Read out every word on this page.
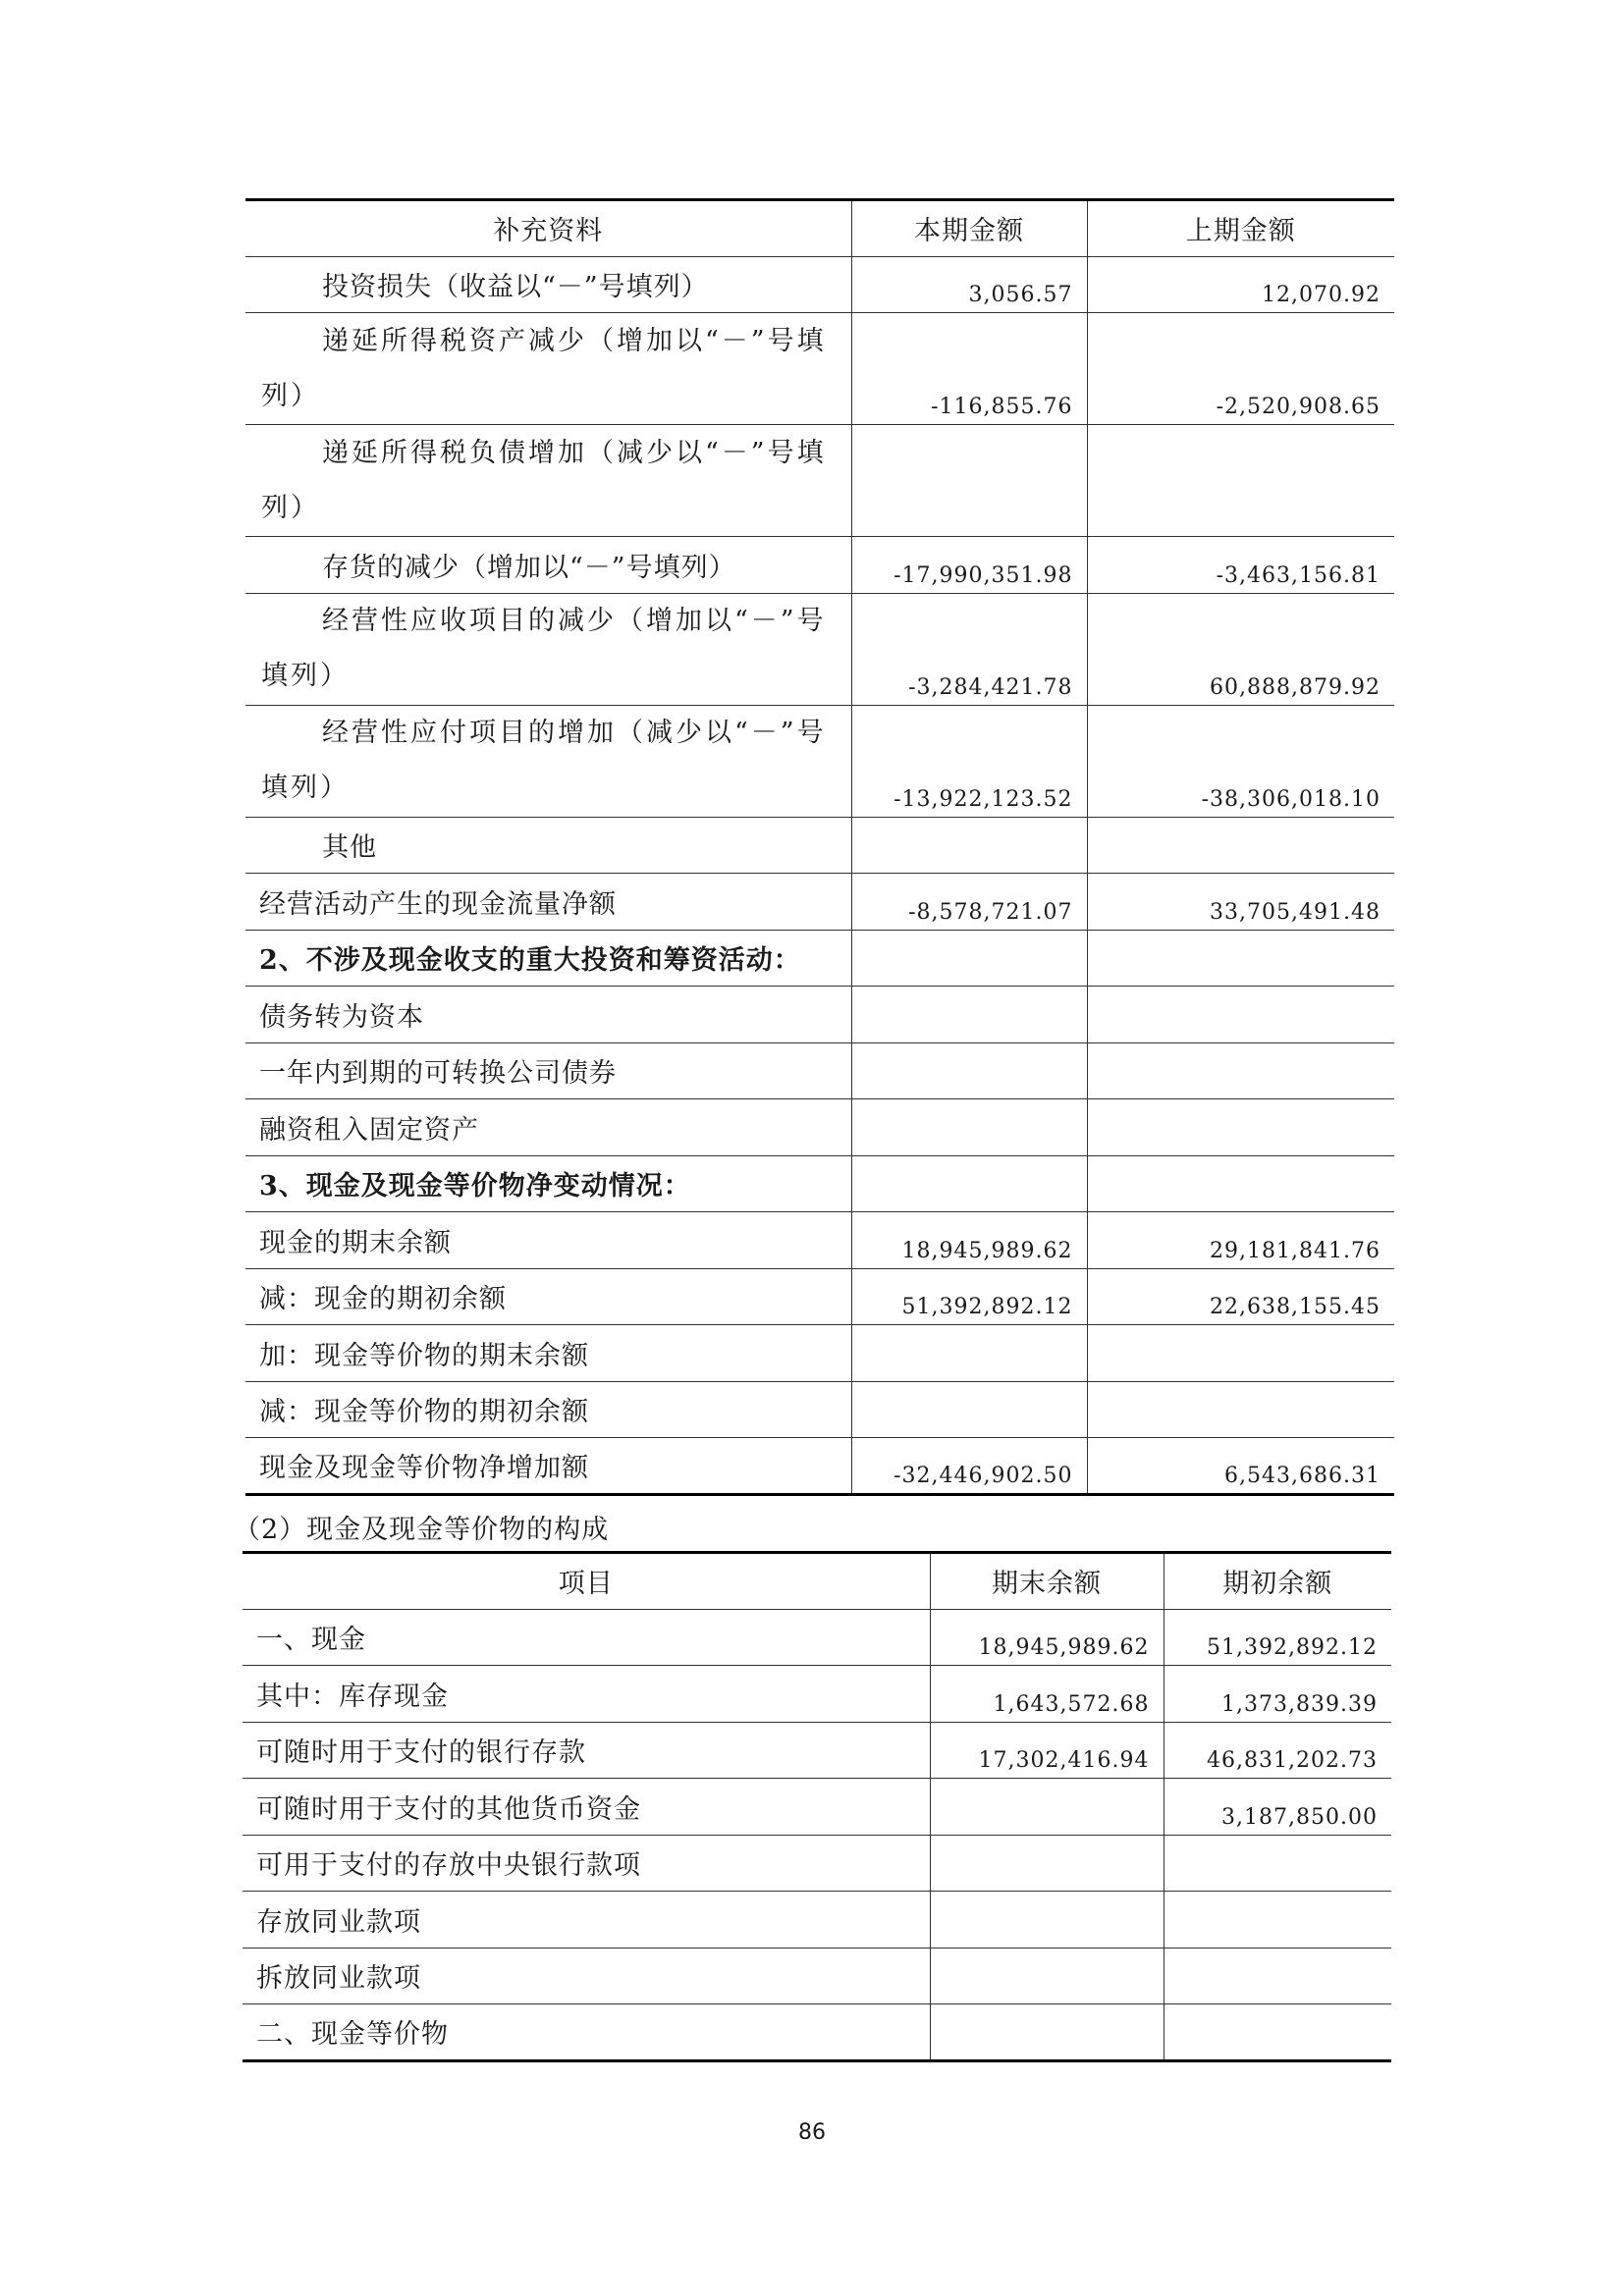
补充资料	本期金额	上期金额
投资损失（收益以“－”号填列）	3,056.57	12,070.92
递延所得税资产减少（增加以“－”号填列）	-116,855.76	-2,520,908.65
递延所得税负债增加（减少以“－”号填列）		
存货的减少（增加以“－”号填列）	-17,990,351.98	-3,463,156.81
经营性应收项目的减少（增加以“－”号填列）	-3,284,421.78	60,888,879.92
经营性应付项目的增加（减少以“－”号填列）	-13,922,123.52	-38,306,018.10
其他		
经营活动产生的现金流量净额	-8,578,721.07	33,705,491.48
2、不涉及现金收支的重大投资和筹资活动：		
债务转为资本		
一年内到期的可转换公司债券		
融资租入固定资产		
3、现金及现金等价物净变动情况：		
现金的期末余额	18,945,989.62	29,181,841.76
减：现金的期初余额	51,392,892.12	22,638,155.45
加：现金等价物的期末余额		
减：现金等价物的期初余额		
现金及现金等价物净增加额	-32,446,902.50	6,543,686.31
（2）现金及现金等价物的构成
项目	期末余额	期初余额
一、现金	18,945,989.62	51,392,892.12
其中：库存现金	1,643,572.68	1,373,839.39
可随时用于支付的银行存款	17,302,416.94	46,831,202.73
可随时用于支付的其他货币资金		3,187,850.00
可用于支付的存放中央银行款项		
存放同业款项		
拆放同业款项		
二、现金等价物		
86
